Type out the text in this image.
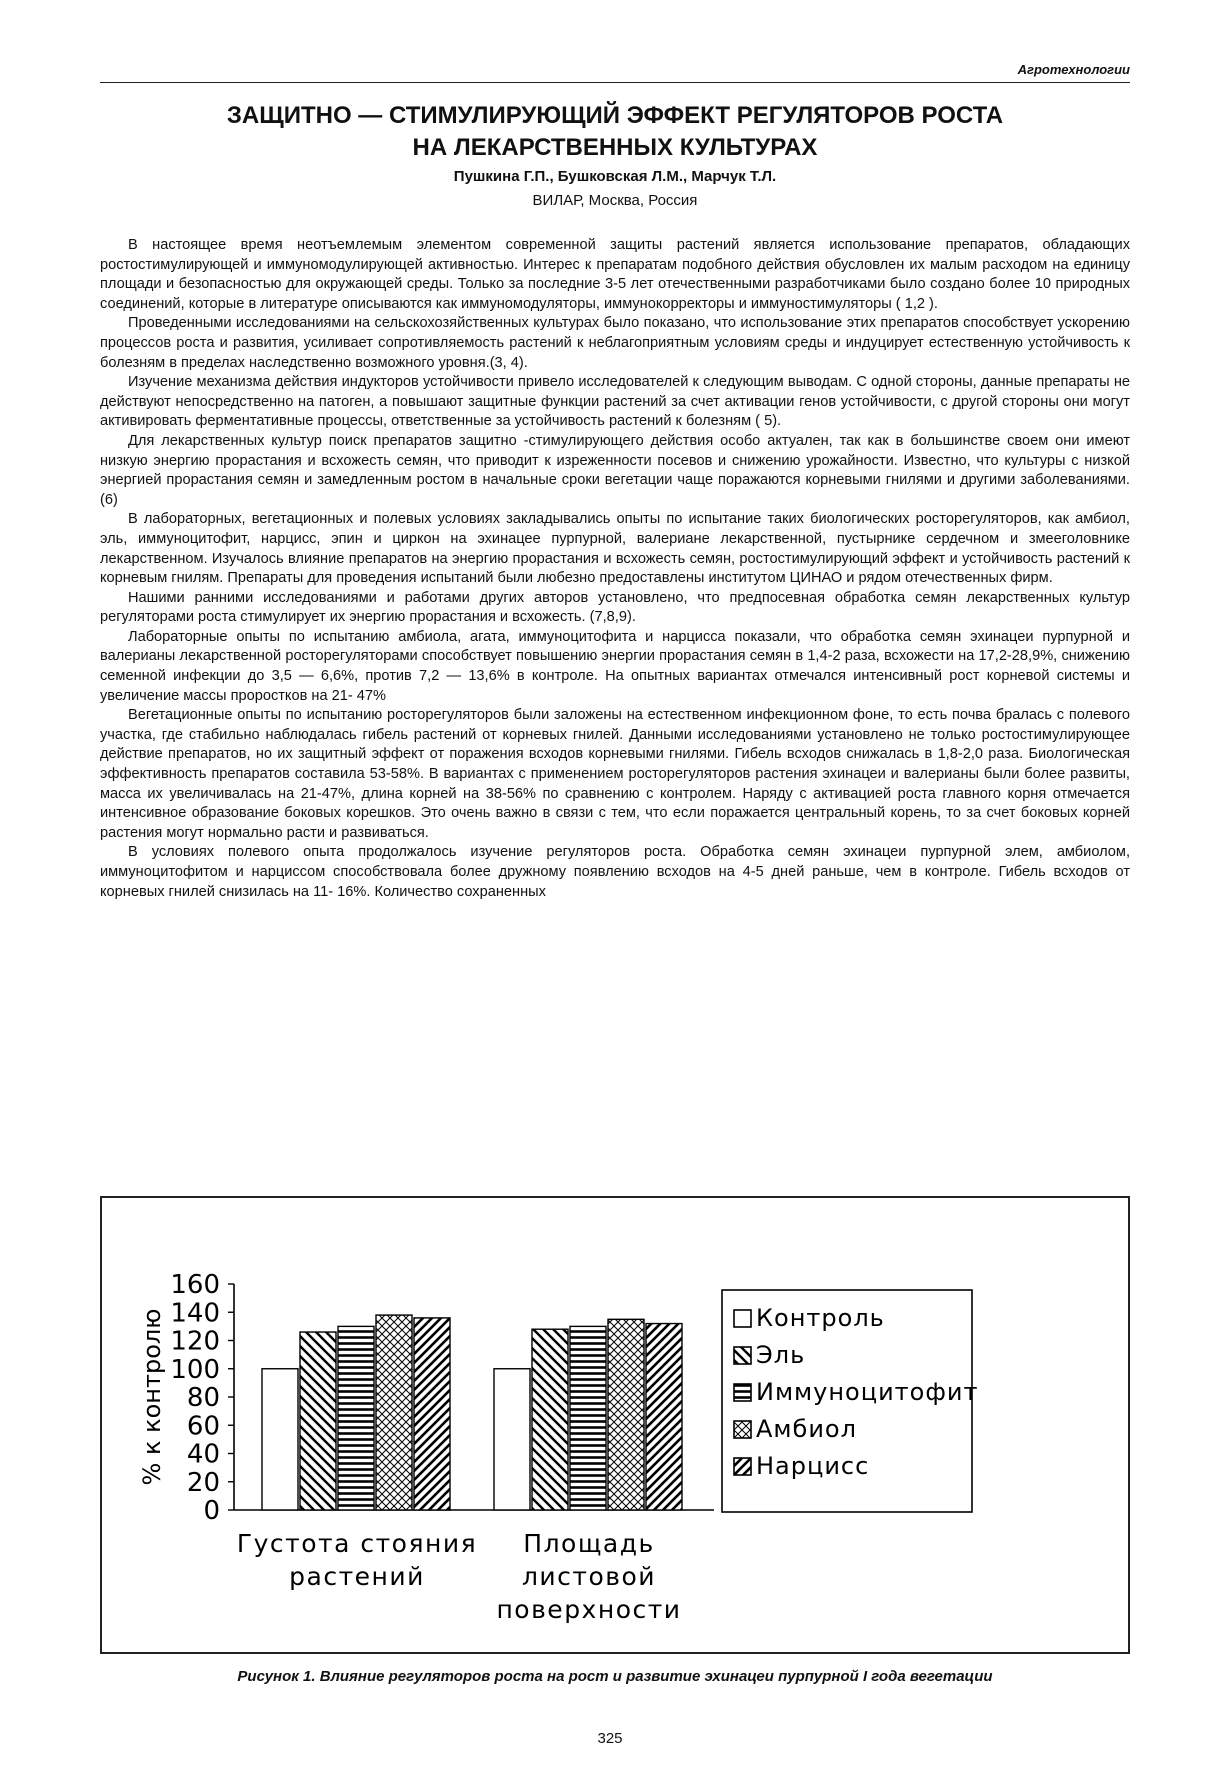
Агротехнологии
ЗАЩИТНО — СТИМУЛИРУЮЩИЙ ЭФФЕКТ РЕГУЛЯТОРОВ РОСТА
НА ЛЕКАРСТВЕННЫХ КУЛЬТУРАХ
Пушкина Г.П., Бушковская Л.М., Марчук Т.Л.
ВИЛАР, Москва, Россия

В настоящее время неотъемлемым элементом современной защиты растений является использование препаратов, обладающих ростостимулирующей и иммуномодулирующей активностью. Интерес к препаратам подобного действия обусловлен их малым расходом на единицу площади и безопасностью для окружающей среды. Только за последние 3-5 лет отечественными разработчиками было создано более 10 природных соединений, которые в литературе описываются как иммуномодуляторы, иммунокорректоры и иммуностимуляторы ( 1,2 ).

Проведенными исследованиями на сельскохозяйственных культурах было показано, что использование этих препаратов способствует ускорению процессов роста и развития, усиливает сопротивляемость растений к неблагоприятным условиям среды и индуцирует естественную устойчивость к болезням в пределах наследственно возможного уровня.(3, 4).

Изучение механизма действия индукторов устойчивости привело исследователей к следующим выводам. С одной стороны, данные препараты не действуют непосредственно на патоген, а повышают защитные функции растений за счет активации генов устойчивости, с другой стороны они могут активировать ферментативные процессы, ответственные за устойчивость растений к болезням ( 5).

Для лекарственных культур поиск препаратов защитно -стимулирующего действия особо актуален, так как в большинстве своем они имеют низкую энергию прорастания и всхожесть семян, что приводит к изреженности посевов и снижению урожайности. Известно, что культуры с низкой энергией прорастания семян и замедленным ростом в начальные сроки вегетации чаще поражаются корневыми гнилями и другими заболеваниями. (6)

В лабораторных, вегетационных и полевых условиях закладывались опыты по испытание таких биологических ростoрегуляторов, как амбиол, эль, иммуноцитофит, нарцисс, эпин и циркон на эхинацее пурпурной, валериане лекарственной, пустырнике сердечном и змееголовнике лекарственном. Изучалось влияние препаратов на энергию прорастания и всхожесть семян, ростостимулирующий эффект и устойчивость растений к корневым гнилям. Препараты для проведения испытаний были любезно предоставлены институтом ЦИНАО и рядом отечественных фирм.

Нашими ранними исследованиями и работами других авторов установлено, что предпосевная обработка семян лекарственных культур регуляторами роста стимулирует их энергию прорастания и всхожесть. (7,8,9).

Лабораторные опыты по испытанию амбиола, агата, иммуноцитофита и нарцисса показали, что обработка семян эхинацеи пурпурной и валерианы лекарственной ростoрегуляторами способствует повышению энергии прорастания семян в 1,4-2 раза, всхожести на 17,2-28,9%, снижению семенной инфекции до 3,5 — 6,6%, против 7,2 — 13,6% в контроле. На опытных вариантах отмечался интенсивный рост корневой системы и увеличение массы проростков на 21- 47%

Вегетационные опыты по испытанию ростoрегуляторов были заложены на естественном инфекционном фоне, то есть почва бралась с полевого участка, где стабильно наблюдалась гибель растений от корневых гнилей. Данными исследованиями установлено не только ростостимулирующее действие препаратов, но их защитный эффект от поражения всходов корневыми гнилями. Гибель всходов снижалась в 1,8-2,0 раза. Биологическая эффективность препаратов составила 53-58%. В вариантах с применением ростoрегуляторов растения эхинацеи и валерианы были более развиты, масса их увеличивалась на 21-47%, длина корней на 38-56% по сравнению с контролем. Наряду с активацией роста главного корня отмечается интенсивное образование боковых корешков. Это очень важно в связи с тем, что если поражается центральный корень, то за счет боковых корней растения могут нормально расти и развиваться.

В условиях полевого опыта продолжалось изучение регуляторов роста. Обработка семян эхинацеи пурпурной элем, амбиолом, иммуноцитофитом и нарциссом способствовала более дружному появлению всходов на 4-5 дней раньше, чем в контроле. Гибель всходов от корневых гнилей снизилась на 11- 16%. Количество сохраненных

0
20
40
60
80
100
120
140
160
% к контролю
Густота стояния
растений
Площадь
листовой
поверхности
Контроль
Эль
Иммуноцитофит
Амбиол
Нарцисс
Рисунок 1. Влияние регуляторов роста на рост и развитие эхинацеи пурпурной I года вегетации
325
